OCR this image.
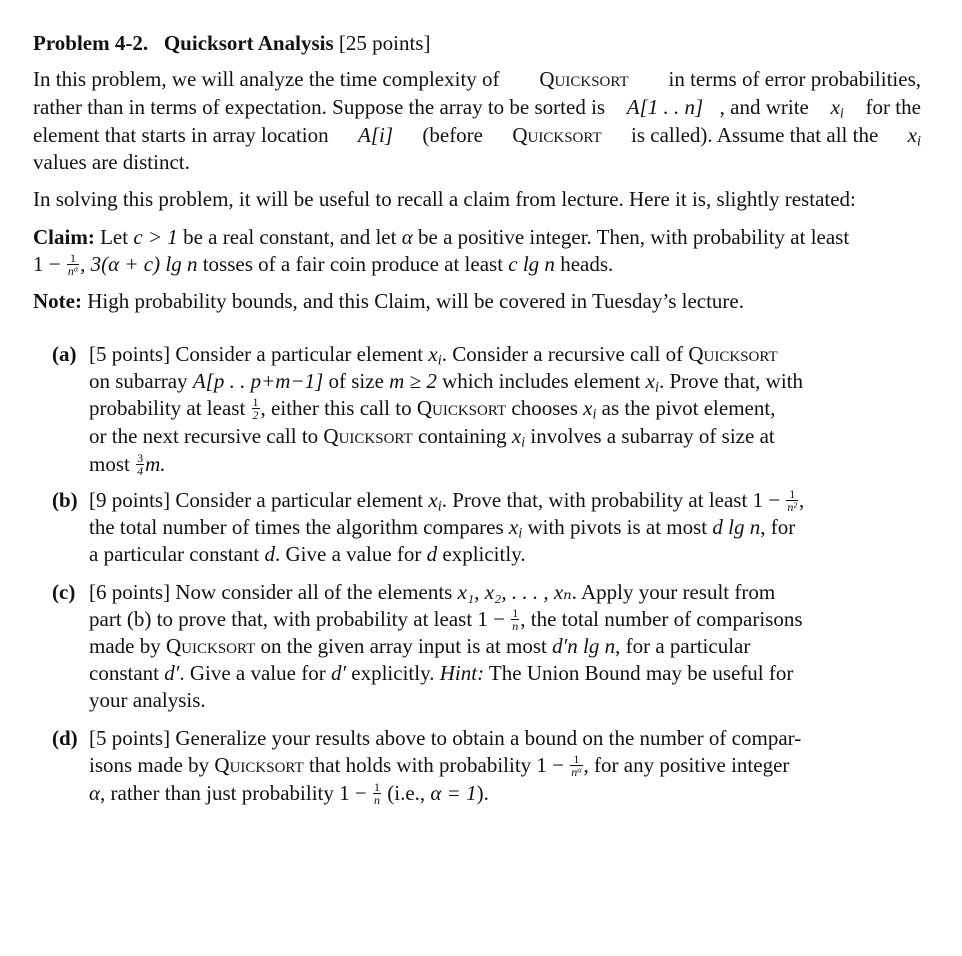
Problem 4-2. Quicksort Analysis [25 points]
In this problem, we will analyze the time complexity of Quicksort in terms of error probabilities,
rather than in terms of expectation. Suppose the array to be sorted is A[1 . . n] , and write $x_i$ for the
element that starts in array location A[i] (before Quicksort is called). Assume that all the $x_i$
values are distinct.
In solving this problem, it will be useful to recall a claim from lecture. Here it is, slightly restated:
Claim: Let c > 1 be a real constant, and let α be a positive integer. Then, with probability at least
$1 - \frac{1}{n^\alpha}$ , 3(α + c) lg n tosses of a fair coin produce at least c lg n heads.
Note: High probability bounds, and this Claim, will be covered in Tuesday’s lecture.
(a) [5 points] Consider a particular element $x_i$. Consider a recursive call of Quicksort
on subarray A[p . . p+m−1] of size m ≥ 2 which includes element $x_i$. Prove that, with
probability at least $\frac{1}{2}$ , either this call to Quicksort chooses $x_i$ as the pivot element,
or the next recursive call to Quicksort containing $x_i$ involves a subarray of size at
most $\frac{3}{4} m$.
(b) [9 points] Consider a particular element $x_i$. Prove that, with probability at least $1 - \frac{1}{\text{n²}}$ ,
the total number of times the algorithm compares $x_i$ with pivots is at most d lg n, for
a particular constant d. Give a value for d explicitly.
(c) [6 points] Now consider all of the elements x₁, x₂, . . . , xₙ. Apply your result from
part (b) to prove that, with probability at least $1 - \frac{1}{n}$ , the total number of comparisons
made by Quicksort on the given array input is at most d′n lg n, for a particular
constant d′. Give a value for d′ explicitly. Hint: The Union Bound may be useful for
your analysis.
(d) [5 points] Generalize your results above to obtain a bound on the number of compar-
isons made by Quicksort that holds with probability $1 - \frac{1}{n^\alpha}$ , for any positive integer
α, rather than just probability $1 - \frac{1}{n} (i.e$., α = 1).
